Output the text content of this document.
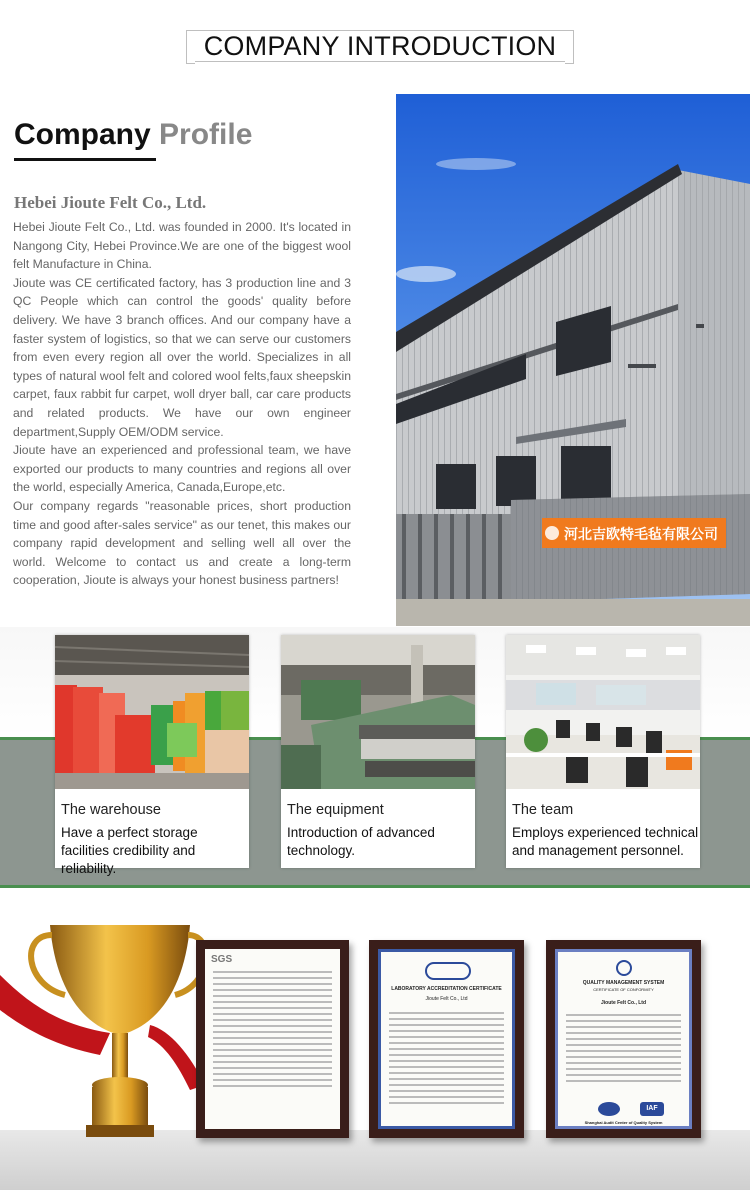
COMPANY INTRODUCTION
Company Profile
Hebei Jioute Felt Co., Ltd.

Hebei Jioute Felt Co., Ltd. was founded in 2000. It's located in Nangong City, Hebei Province.We are one of the biggest wool felt Manufacture in China.

Jioute was CE certificated factory, has 3 production line and 3 QC People which can control the goods' quality before delivery. We have 3 branch offices. And our company have a faster system of logistics, so that we can serve our customers from even every region all over the world. Specializes in all types of natural wool felt and colored wool felts,faux sheepskin carpet, faux rabbit fur carpet, woll dryer ball, car care products and related products. We have our own engineer department,Supply OEM/ODM service.

Jioute have an experienced and professional team, we have exported our products to many countries and regions all over the world, especially America, Canada,Europe,etc.

Our company regards "reasonable prices, short production time and good after-sales service" as our tenet, this makes our company rapid development and selling well all over the world. Welcome to contact us and create a long-term cooperation, Jioute is always your honest business partners!

河北吉欧特毛毡有限公司
The warehouse
Have a perfect storage facilities credibility and reliability.
The equipment
Introduction of advanced technology.
The team
Employs experienced technical and management personnel.
SGS
LABORATORY ACCREDITATION CERTIFICATE
Jioute Felt Co., Ltd
QUALITY MANAGEMENT SYSTEM
CERTIFICATE OF CONFORMITY
Jioute Felt Co., Ltd
IAF
Shanghai Audit Center of Quality System
